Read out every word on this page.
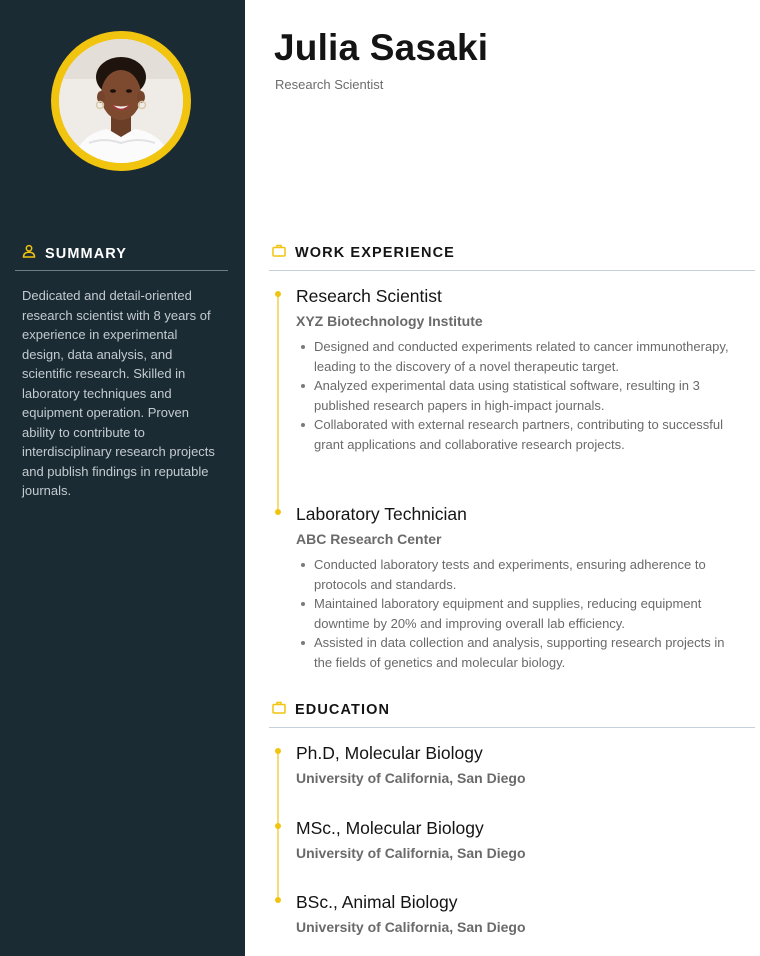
SUMMARY

Dedicated and detail-oriented research scientist with 8 years of experience in experimental design, data analysis, and scientific research. Skilled in laboratory techniques and equipment operation. Proven ability to contribute to interdisciplinary research projects and publish findings in reputable journals.

Julia Sasaki
Research Scientist
WORK EXPERIENCE
Research Scientist
XYZ Biotechnology Institute
Designed and conducted experiments related to cancer immunotherapy, leading to the discovery of a novel therapeutic target.
Analyzed experimental data using statistical software, resulting in 3 published research papers in high-impact journals.
Collaborated with external research partners, contributing to successful grant applications and collaborative research projects.
Laboratory Technician
ABC Research Center
Conducted laboratory tests and experiments, ensuring adherence to protocols and standards.
Maintained laboratory equipment and supplies, reducing equipment downtime by 20% and improving overall lab efficiency.
Assisted in data collection and analysis, supporting research projects in the fields of genetics and molecular biology.
EDUCATION
Ph.D, Molecular Biology
University of California, San Diego
MSc., Molecular Biology
University of California, San Diego
BSc., Animal Biology
University of California, San Diego
